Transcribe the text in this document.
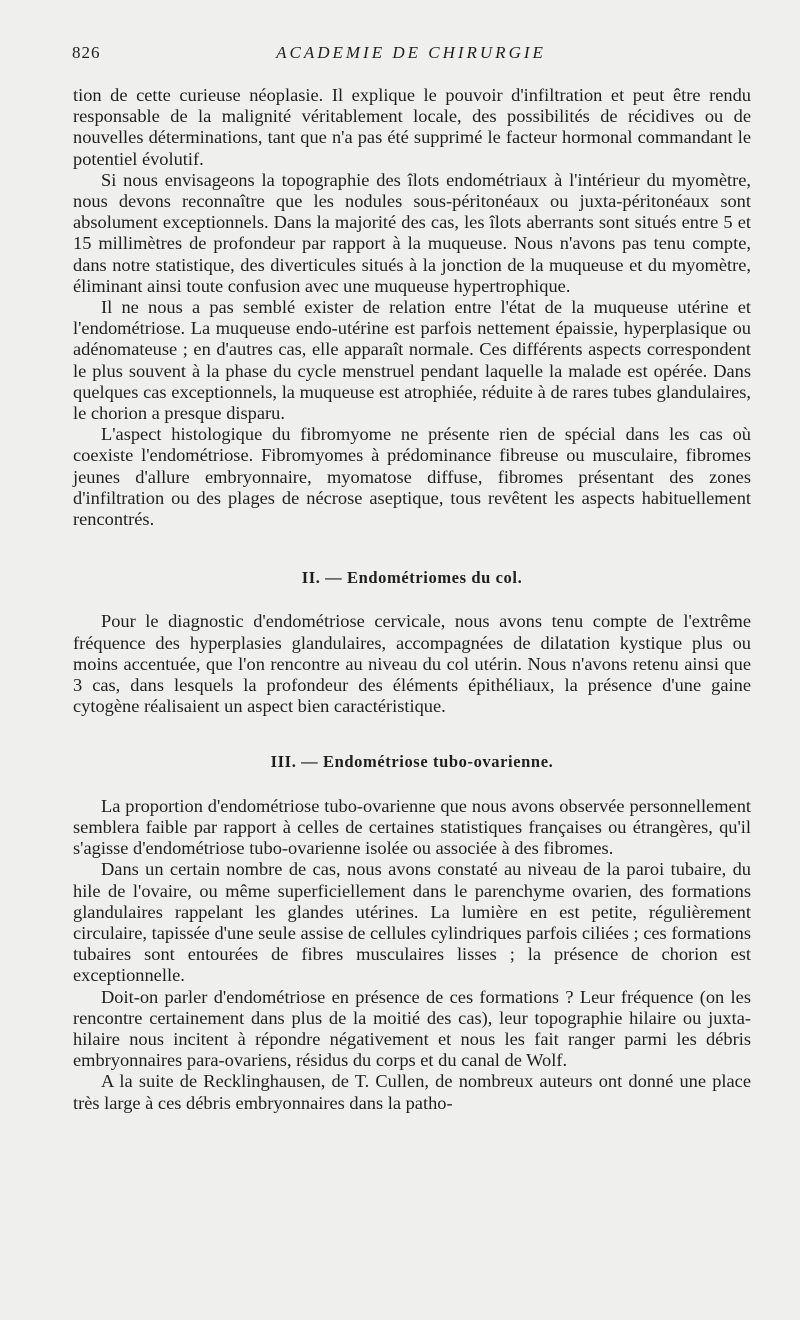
826	ACADEMIE DE CHIRURGIE

tion de cette curieuse néoplasie. Il explique le pouvoir d'infiltration et peut être rendu responsable de la malignité véritablement locale, des possibilités de récidives ou de nouvelles déterminations, tant que n'a pas été supprimé le facteur hormonal commandant le potentiel évolutif.

Si nous envisageons la topographie des îlots endométriaux à l'intérieur du myomètre, nous devons reconnaître que les nodules sous-péritonéaux ou juxta-péritonéaux sont absolument exceptionnels. Dans la majorité des cas, les îlots aberrants sont situés entre 5 et 15 millimètres de profondeur par rapport à la muqueuse. Nous n'avons pas tenu compte, dans notre statistique, des diverticules situés à la jonction de la muqueuse et du myomètre, éliminant ainsi toute confusion avec une muqueuse hypertrophique.

Il ne nous a pas semblé exister de relation entre l'état de la muqueuse utérine et l'endométriose. La muqueuse endo-utérine est parfois nettement épaissie, hyperplasique ou adénomateuse ; en d'autres cas, elle apparaît normale. Ces différents aspects correspondent le plus souvent à la phase du cycle menstruel pendant laquelle la malade est opérée. Dans quelques cas exceptionnels, la muqueuse est atrophiée, réduite à de rares tubes glandulaires, le chorion a presque disparu.

L'aspect histologique du fibromyome ne présente rien de spécial dans les cas où coexiste l'endométriose. Fibromyomes à prédominance fibreuse ou musculaire, fibromes jeunes d'allure embryonnaire, myomatose diffuse, fibromes présentant des zones d'infiltration ou des plages de nécrose aseptique, tous revêtent les aspects habituellement rencontrés.

II. — Endométriomes du col.

Pour le diagnostic d'endométriose cervicale, nous avons tenu compte de l'extrême fréquence des hyperplasies glandulaires, accompagnées de dilatation kystique plus ou moins accentuée, que l'on rencontre au niveau du col utérin. Nous n'avons retenu ainsi que 3 cas, dans lesquels la profondeur des éléments épithéliaux, la présence d'une gaine cytogène réalisaient un aspect bien caractéristique.

III. — Endométriose tubo-ovarienne.

La proportion d'endométriose tubo-ovarienne que nous avons observée personnellement semblera faible par rapport à celles de certaines statistiques françaises ou étrangères, qu'il s'agisse d'endométriose tubo-ovarienne isolée ou associée à des fibromes.

Dans un certain nombre de cas, nous avons constaté au niveau de la paroi tubaire, du hile de l'ovaire, ou même superficiellement dans le parenchyme ovarien, des formations glandulaires rappelant les glandes utérines. La lumière en est petite, régulièrement circulaire, tapissée d'une seule assise de cellules cylindriques parfois ciliées ; ces formations tubaires sont entourées de fibres musculaires lisses ; la présence de chorion est exceptionnelle.

Doit-on parler d'endométriose en présence de ces formations ? Leur fréquence (on les rencontre certainement dans plus de la moitié des cas), leur topographie hilaire ou juxta-hilaire nous incitent à répondre négativement et nous les fait ranger parmi les débris embryonnaires para-ovariens, résidus du corps et du canal de Wolf.

A la suite de Recklinghausen, de T. Cullen, de nombreux auteurs ont donné une place très large à ces débris embryonnaires dans la patho-
